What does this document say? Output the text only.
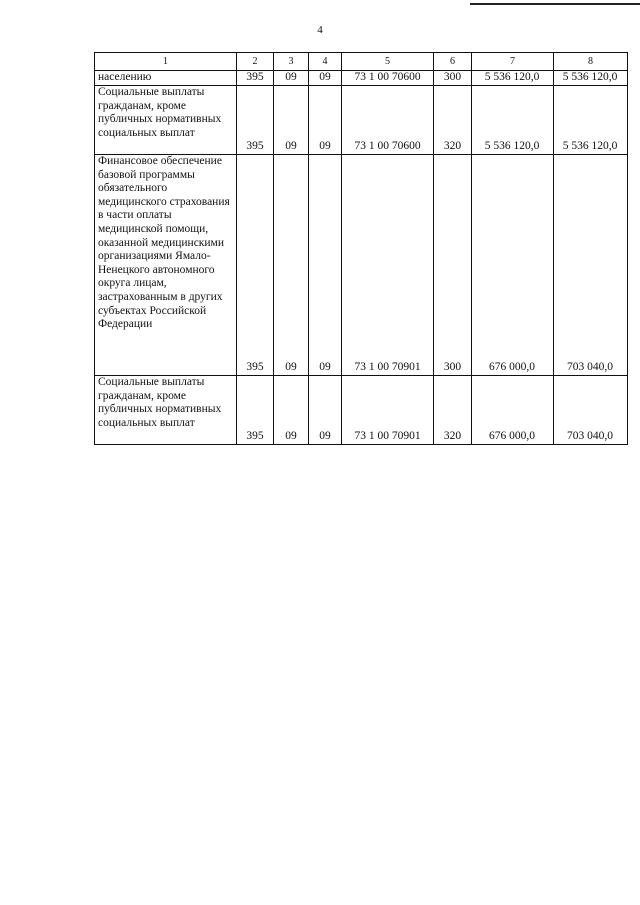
4
1	2	3	4	5	6	7	8
населению	395	09	09	73 1 00 70600	300	5 536 120,0	5 536 120,0
Социальные выплаты гражданам, кроме публичных нормативных социальных выплат	395	09	09	73 1 00 70600	320	5 536 120,0	5 536 120,0
Финансовое обеспечение базовой программы обязательного медицинского страхования в части оплаты медицинской помощи, оказанной медицинскими организациями Ямало-Ненецкого автономного округа лицам, застрахованным в других субъектах Российской Федерации	395	09	09	73 1 00 70901	300	676 000,0	703 040,0
Социальные выплаты гражданам, кроме публичных нормативных социальных выплат	395	09	09	73 1 00 70901	320	676 000,0	703 040,0
